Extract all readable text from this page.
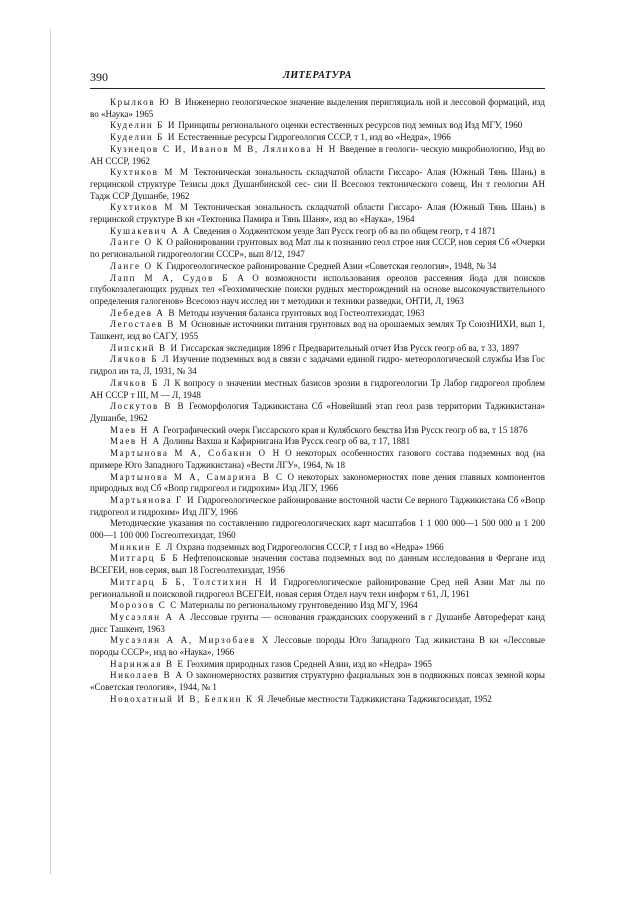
390	ЛИТЕРАТУРА

Крылков Ю В Инженерно геологическое значение выделения перигляциаль ной и лессовой формаций, изд во «Наука» 1965

Куделин Б И Принципы регионального оценки естественных ресурсов под земных вод Изд МГУ, 1960

Куделин Б И Естественные ресурсы Гидрогеология СССР, т 1, изд во «Недра», 1966

Кузнецов С И, Иванов М В, Ляликова Н Н Введение в геологи- ческую микробиологию, Изд во АН СССР, 1962

Кухтиков М М Тектоническая зональность складчатой области Гиссаро- Алая (Южный Тянь Шань) в герцинской структуре Тезисы докл Душанбинской сес- сии II Всесоюз тектонического совещ, Ин т геологии АН Тадж ССР Душанбе, 1962

Кухтиков М М Тектоническая зональность складчатой области Гиссаро- Алая (Южный Тянь Шань) в герцинской структуре В кн «Тектоника Памира и Тянь Шаня», изд во «Наука», 1964

Кушакевич А А Сведения о Ходжентском уезде Зап Русск геогр об ва по общем геогр, т 4 1871

Ланге О К О районировании грунтовых вод Мат лы к познанию геол строе ния СССР, нов серия Сб «Очерки по региональной гидрогеологии СССР», вып 8/12, 1947

Ланге О К Гидрогеологическое районирование Средней Азии «Советская геология», 1948, № 34

Лапп М А, Судов Б А О возможности использования ореолов рассеяния йода для поисков глубокозалегающих рудных тел «Геохимические поиски рудных месторождений на основе высокочувствительного определения галогенов» Всесоюз науч исслед ин т методики и техники разведки, ОНТИ, Л, 1963

Лебедев А В Методы изучения баланса грунтовых вод Гостеолтехиздат, 1963

Легостаев В М Основные источники питания грунтовых вод на орошаемых землях Тр СоюзНИХИ, вып 1, Ташкент, изд во САГУ, 1955

Липский В И Гиссарская экспедиция 1896 г Предварительный отчет Изв Русск геогр об ва, т 33, 1897

Лячков Б Л Изучение подземных вод в связи с задачами единой гидро- метеорологической службы Изв Гос гидрол ин та, Л, 1931, № 34

Лячков Б Л К вопросу о значении местных базисов эрозии в гидрогеологии Тр Лабор гидрогеол проблем АН СССР т III, М — Л, 1948

Лоскутов В В Геоморфология Таджикистана Сб «Новейший этап геол разв территории Таджикистана» Душанбе, 1962

Маев Н А Географический очерк Гиссарского края и Кулябского бекства Изв Русск геогр об ва, т 15 1876

Маев Н А Долины Вахша и Кафирнигана Изв Русск геогр об ва, т 17, 1881

Мартынова М А, Собакин О Н О некоторых особенностях газового состава подземных вод (на примере Юго Западного Таджикистана) «Вести ЛГУ», 1964, № 18

Мартынова М А, Самарина В С О некоторых закономерностях пове дения главных компонентов природных вод Сб «Вопр гидрогеол и гидрохим» Изд ЛГУ, 1966

Мартьянова Г И Гидрогеологическое районирование восточной части Се верного Таджикистана Сб «Вопр гидрогеол и гидрохим» Изд ЛГУ, 1966

Методические указания по составлению гидрогеологических карт масштабов 1 1 000 000—1 500 000 и 1 200 000—1 100 000 Госгеолтехиздат, 1960

Минкин Е Л Охрана подземных вод Гидрогеология СССР, т I изд во «Недра» 1966

Митгарц Б Б Нефтепоисковые значения состава подземных вод по данным исследования в Фергане изд ВСЕГЕИ, нов серия, вып 18 Госгеолтехиздат, 1956

Митгарц Б Б, Толстихин Н И Гидрогеологическое районирование Сред ней Азии Мат лы по региональной и поисковой гидрогеол ВСЕГЕИ, новая серия Отдел науч техн информ т 61, Л, 1961

Морозов С С Материалы по региональному грунтоведению Изд МГУ, 1964

Мусаэлян А А Лессовые грунты — основания гражданских сооружений в г Душанбе Автореферат канд дисс Ташкент, 1963

Мусаэлян А А, Мирзобаев Х Лессовые породы Юго Западного Тад жикистана В кн «Лессовые породы СССР», изд во «Наука», 1966

Наринжая В Е Геохимия природных газов Средней Азии, изд во «Недра» 1965

Николаев В А О закономерностях развития структурно фациальных зон в подвижных поясах земной коры «Советская геология», 1944, № 1

Новохатный И В, Белкин К Я Лечебные местности Таджикистана Таджикгосиздат, 1952
